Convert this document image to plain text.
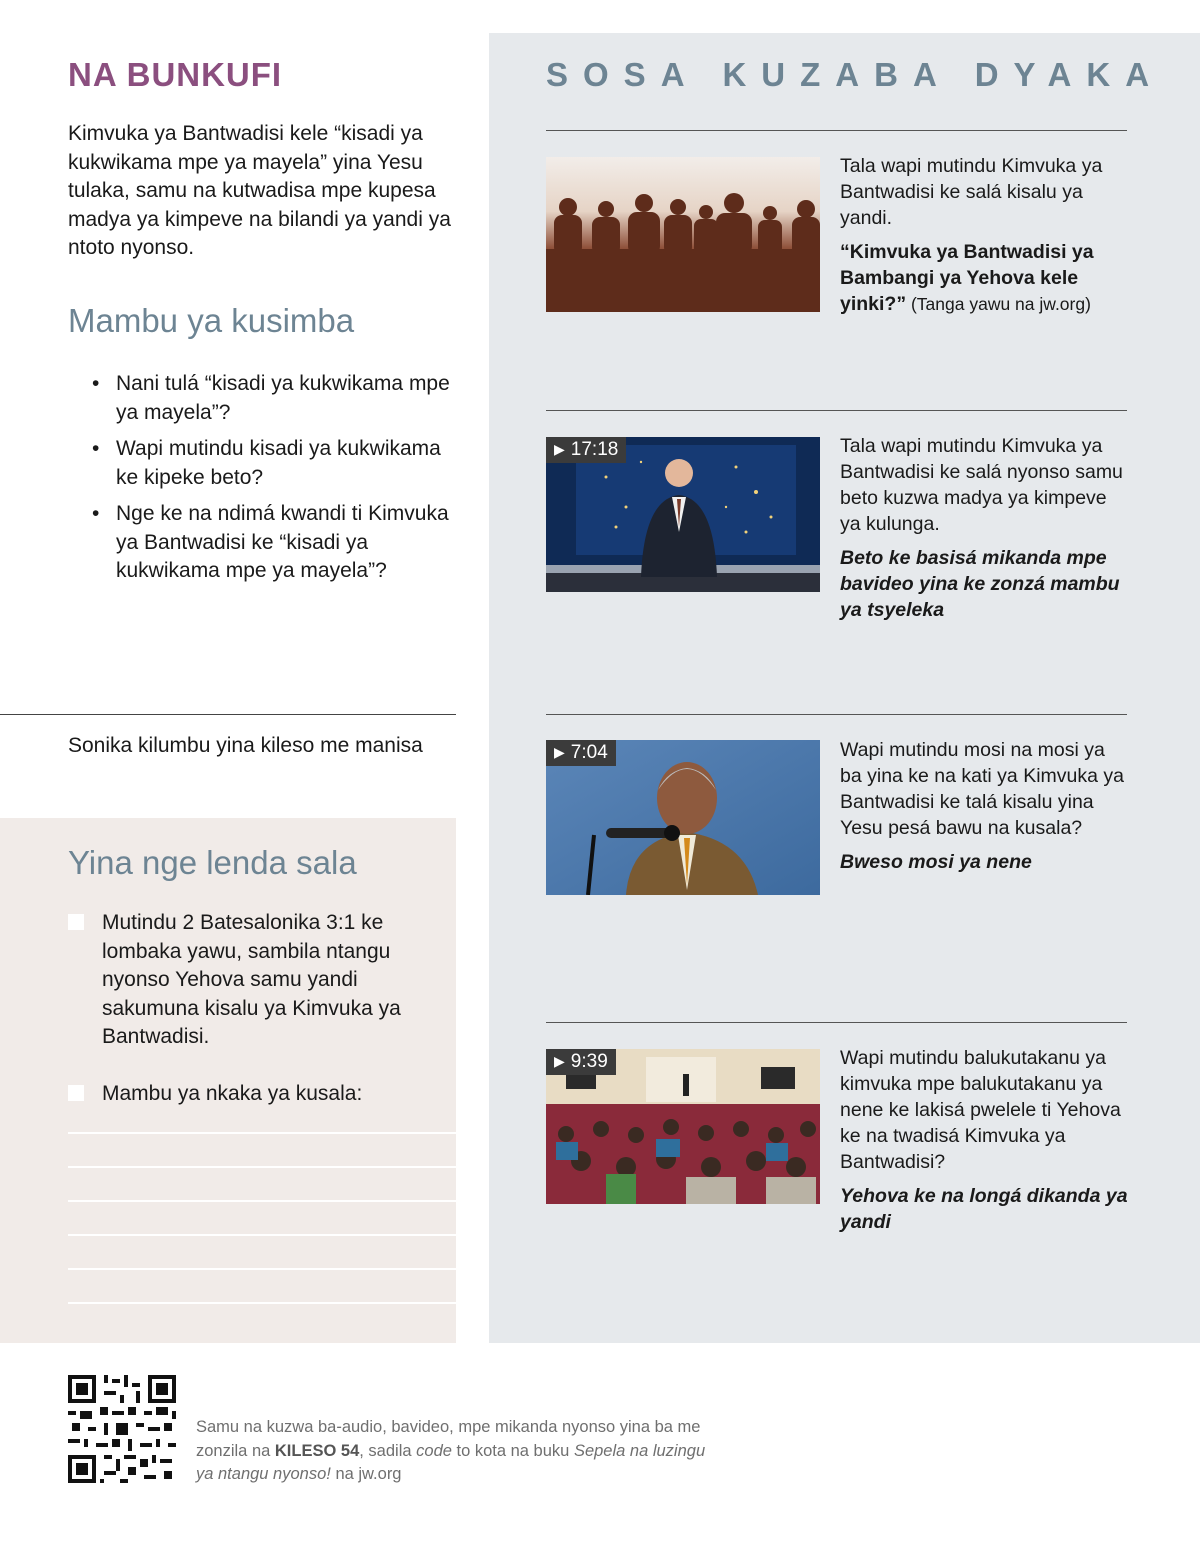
NA BUNKUFI
Kimvuka ya Bantwadisi kele “kisadi ya kukwikama mpe ya mayela” yina Yesu tulaka, samu na kutwadisa mpe kupesa madya ya kimpeve na bilandi ya yandi ya ntoto nyonso.
Mambu ya kusimba
• Nani tulá “kisadi ya kukwikama mpe ya mayela”?
• Wapi mutindu kisadi ya kukwikama ke kipeke beto?
• Nge ke na ndimá kwandi ti Kimvuka ya Bantwadisi ke “kisadi ya kukwikama mpe ya mayela”?
Sonika kilumbu yina kileso me manisa
Yina nge lenda sala
Mutindu 2 Batesalonika 3:1 ke lombaka yawu, sambila ntangu nyonso Yehova samu yandi sakumuna kisalu ya Kimvuka ya Bantwadisi.
Mambu ya nkaka ya kusala:
SOSA KUZABA DYAKA

Tala wapi mutindu Kimvuka ya Bantwadisi ke salá kisalu ya yandi.

“Kimvuka ya Bantwadisi ya Bambangi ya Yehova kele yinki?” (Tanga yawu na jw.org)

▶ 17:18	Tala wapi mutindu Kimvuka ya Bantwadisi ke salá nyonso samu beto kuzwa madya ya kimpeve ya kulunga.

Beto ke basisá mikanda mpe bavideo yina ke zonzá mambu ya tsyeleka

▶ 7:04	Wapi mutindu mosi na mosi ya ba yina ke na kati ya Kimvuka ya Bantwadisi ke talá kisalu yina Yesu pesá bawu na kusala?

Bweso mosi ya nene

▶ 9:39	Wapi mutindu balukutakanu ya kimvuka mpe balukutakanu ya nene ke lakisá pwelele ti Yehova ke na twadisá Kimvuka ya Bantwadisi?

Yehova ke na longá dikanda ya yandi

Samu na kuzwa ba-audio, bavideo, mpe mikanda nyonso yina ba me zonzila na KILESO 54, sadila code to kota na buku Sepela na luzingu ya ntangu nyonso! na jw.org
